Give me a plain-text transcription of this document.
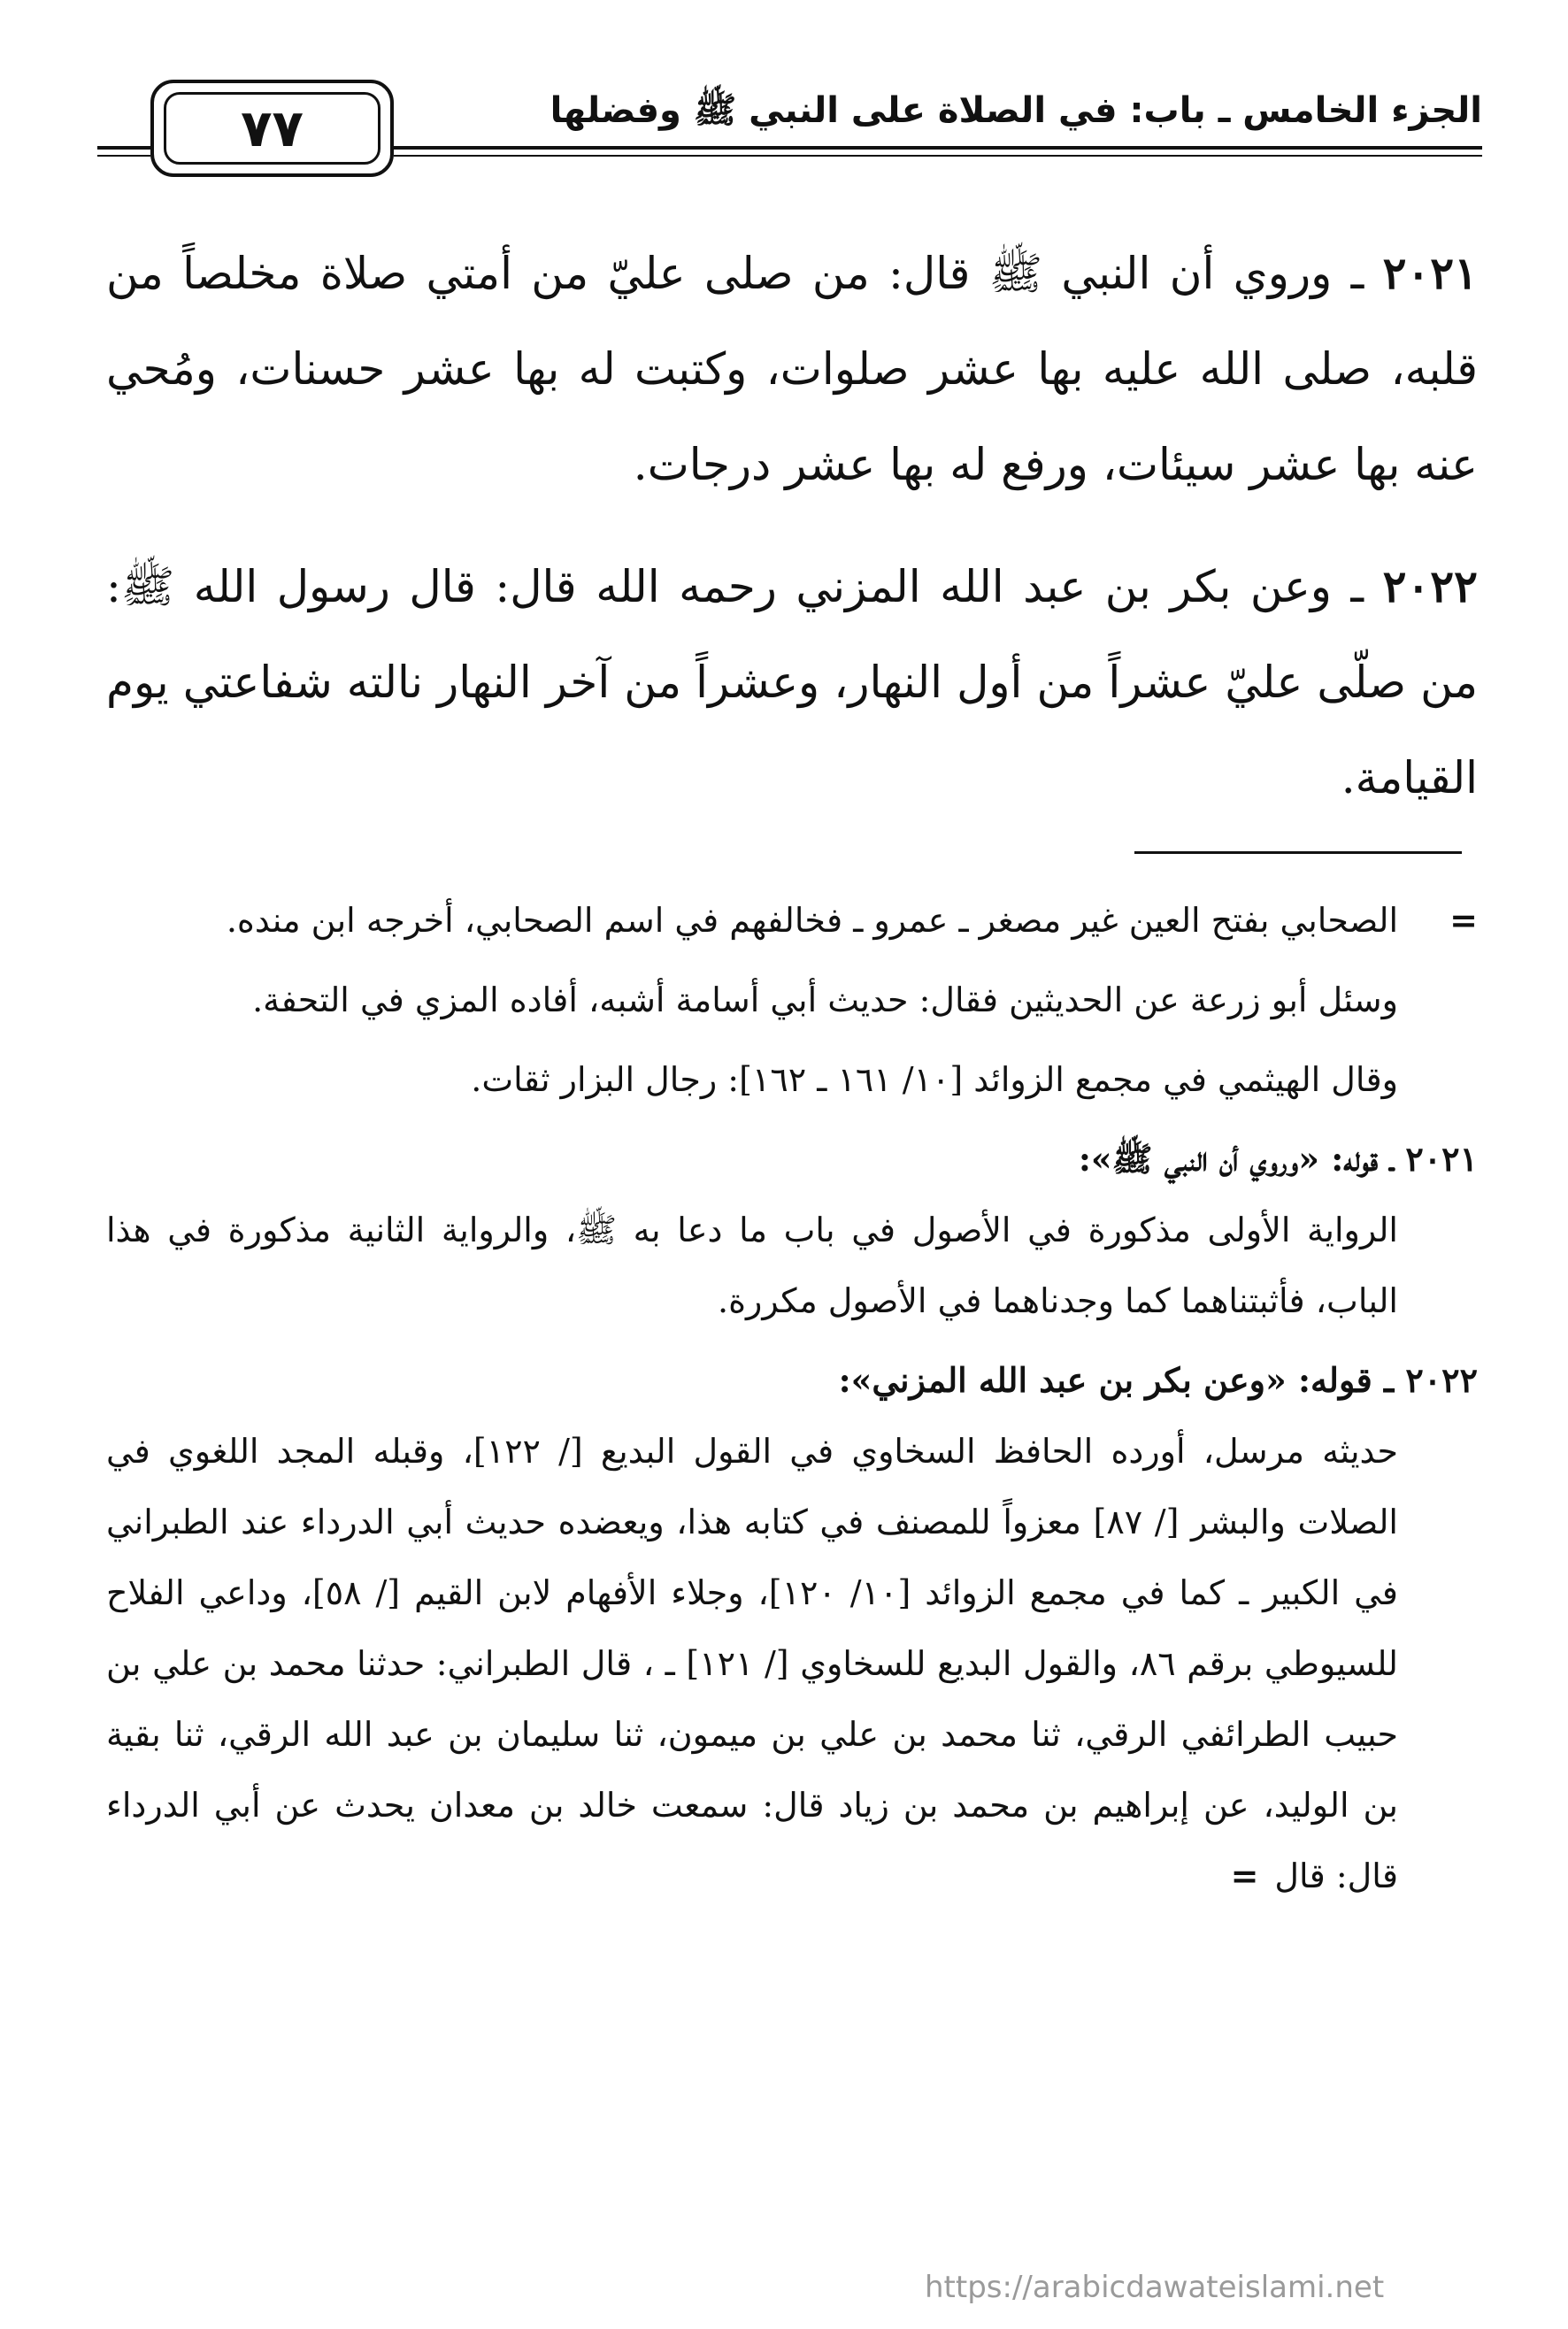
الجزء الخامس ـ باب: في الصلاة على النبي ﷺ وفضلها
٧٧

٢٠٢١ ـ وروي أن النبي ﷺ قال: من صلى عليّ من أمتي صلاة مخلصاً من قلبه، صلى الله عليه بها عشر صلوات، وكتبت له بها عشر حسنات، ومُحي عنه بها عشر سيئات، ورفع له بها عشر درجات.

٢٠٢٢ ـ وعن بكر بن عبد الله المزني رحمه الله قال: قال رسول الله ﷺ: من صلّى عليّ عشراً من أول النهار، وعشراً من آخر النهار نالته شفاعتي يوم القيامة.

=
الصحابي بفتح العين غير مصغر ـ عمرو ـ فخالفهم في اسم الصحابي، أخرجه ابن منده.
وسئل أبو زرعة عن الحديثين فقال: حديث أبي أسامة أشبه، أفاده المزي في التحفة.
وقال الهيثمي في مجمع الزوائد [١٠/ ١٦١ ـ ١٦٢]: رجال البزار ثقات.
٢٠٢١ ـ قوله: «وروي أن النبي ﷺ»:
الرواية الأولى مذكورة في الأصول في باب ما دعا به ﷺ، والرواية الثانية مذكورة في هذا الباب، فأثبتناهما كما وجدناهما في الأصول مكررة.
٢٠٢٢ ـ قوله: «وعن بكر بن عبد الله المزني»:
حديثه مرسل، أورده الحافظ السخاوي في القول البديع [/ ١٢٢]، وقبله المجد اللغوي في الصلات والبشر [/ ٨٧] معزواً للمصنف في كتابه هذا، ويعضده حديث أبي الدرداء عند الطبراني في الكبير ـ كما في مجمع الزوائد [١٠/ ١٢٠]، وجلاء الأفهام لابن القيم [/ ٥٨]، وداعي الفلاح للسيوطي برقم ٨٦، والقول البديع للسخاوي [/ ١٢١] ـ ، قال الطبراني: حدثنا محمد بن علي بن حبيب الطرائفي الرقي، ثنا محمد بن علي بن ميمون، ثنا سليمان بن عبد الله الرقي، ثنا بقية بن الوليد، عن إبراهيم بن محمد بن زياد قال: سمعت خالد بن معدان يحدث عن أبي الدرداء قال: قال=
https://arabicdawateislami.net
